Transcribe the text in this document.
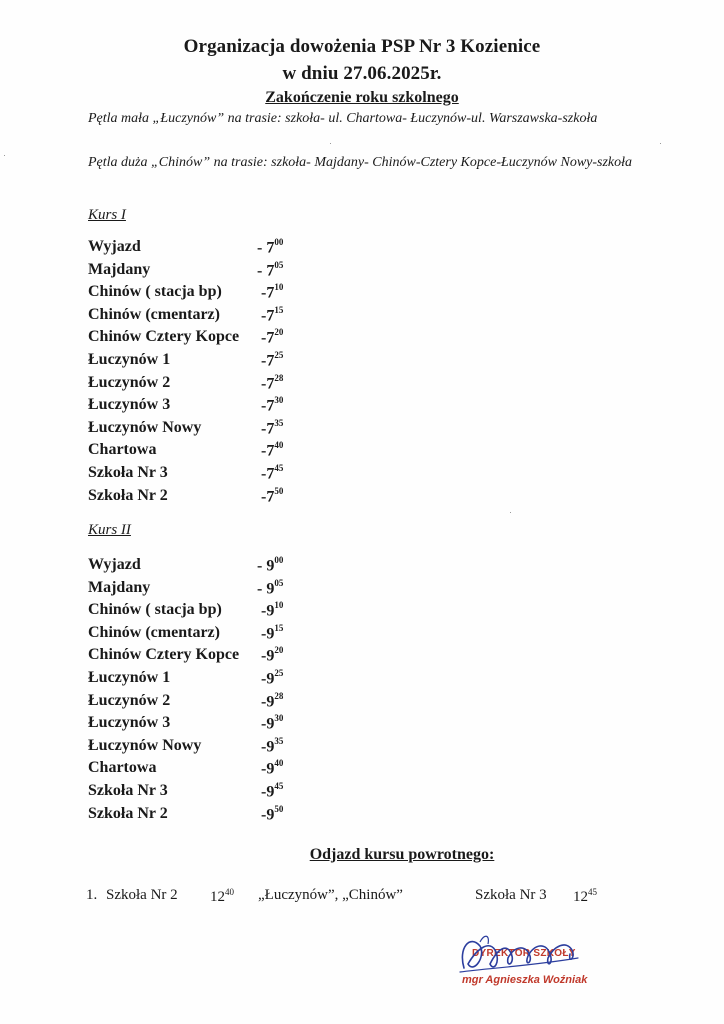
Organizacja dowożenia PSP Nr 3 Kozienice
w dniu 27.06.2025r.
Zakończenie roku szkolnego
Pętla mała „Łuczynów” na trasie: szkoła- ul. Chartowa- Łuczynów-ul. Warszawska-szkoła
Pętla duża „Chinów” na trasie: szkoła- Majdany- Chinów-Cztery Kopce-Łuczynów Nowy-szkoła
Kurs I
Wyjazd	- $7^{00}$
Majdany	- $7^{05}$
Chinów ( stacja bp) $-7^{10}$
Chinów (cmentarz)	$-7^{15}$
Chinów Cztery Kopce $-7^{20}$
Łuczynów 1	$-7^{25}$
Łuczynów 2	$-7^{28}$
Łuczynów 3	$-7^{30}$
Łuczynów Nowy	$-7^{35}$
Chartowa	$-7^{40}$
Szkoła Nr 3	$-7^{45}$
Szkoła Nr 2	$-7^{50}$
Kurs II
Wyjazd	- $9^{00}$
Majdany	- $9^{05}$
Chinów ( stacja bp) $-9^{10}$
Chinów (cmentarz)	$-9^{15}$
Chinów Cztery Kopce $-9^{20}$
Łuczynów 1	$-9^{25}$
Łuczynów 2	$-9^{28}$
Łuczynów 3	$-9^{30}$
Łuczynów Nowy	$-9^{35}$
Chartowa	$-9^{40}$
Szkoła Nr 3	$-9^{45}$
Szkoła Nr 2	$-9^{50}$
Odjazd kursu powrotnego:
1. Szkoła Nr 2 $12^{40}$ „Łuczynów”, „Chinów”	Szkoła Nr 3 $12^{45}$
DYREKTOR SZKOŁY
mgr Agnieszka Woźniak
